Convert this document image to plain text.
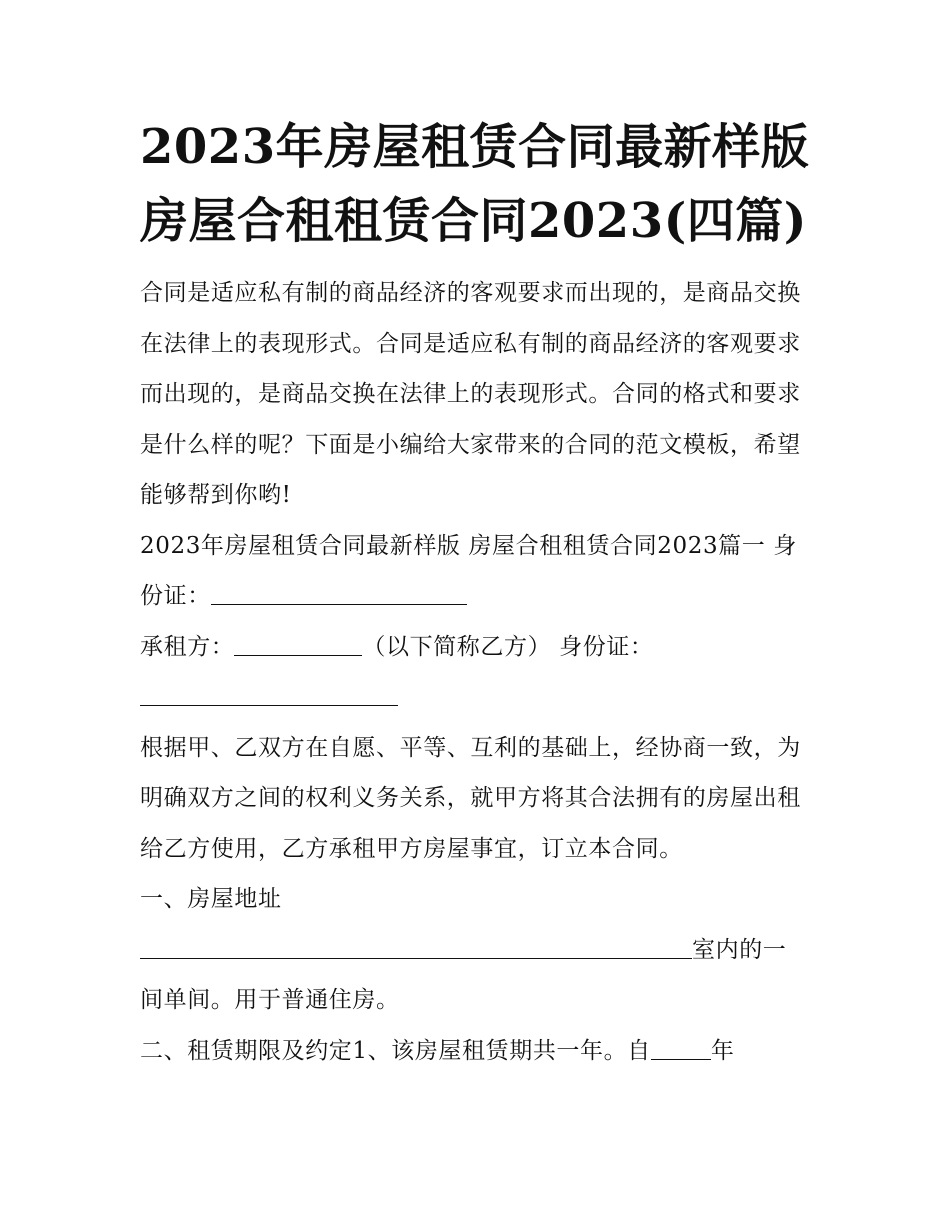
2023年房屋租赁合同最新样版
房屋合租租赁合同2023(四篇)

合同是适应私有制的商品经济的客观要求而出现的，是商品交换在法律上的表现形式。合同是适应私有制的商品经济的客观要求而出现的，是商品交换在法律上的表现形式。合同的格式和要求是什么样的呢？下面是小编给大家带来的合同的范文模板，希望能够帮到你哟!

2023年房屋租赁合同最新样版 房屋合租租赁合同2023篇一 身

份证：

承租方：	（以下简称乙方） 身份证：

根据甲、乙双方在自愿、平等、互利的基础上，经协商一致，为明确双方之间的权利义务关系，就甲方将其合法拥有的房屋出租给乙方使用，乙方承租甲方房屋事宜，订立本合同。

一、房屋地址

室内的一

间单间。用于普通住房。

二、租赁期限及约定1、该房屋租赁期共一年。自	年
